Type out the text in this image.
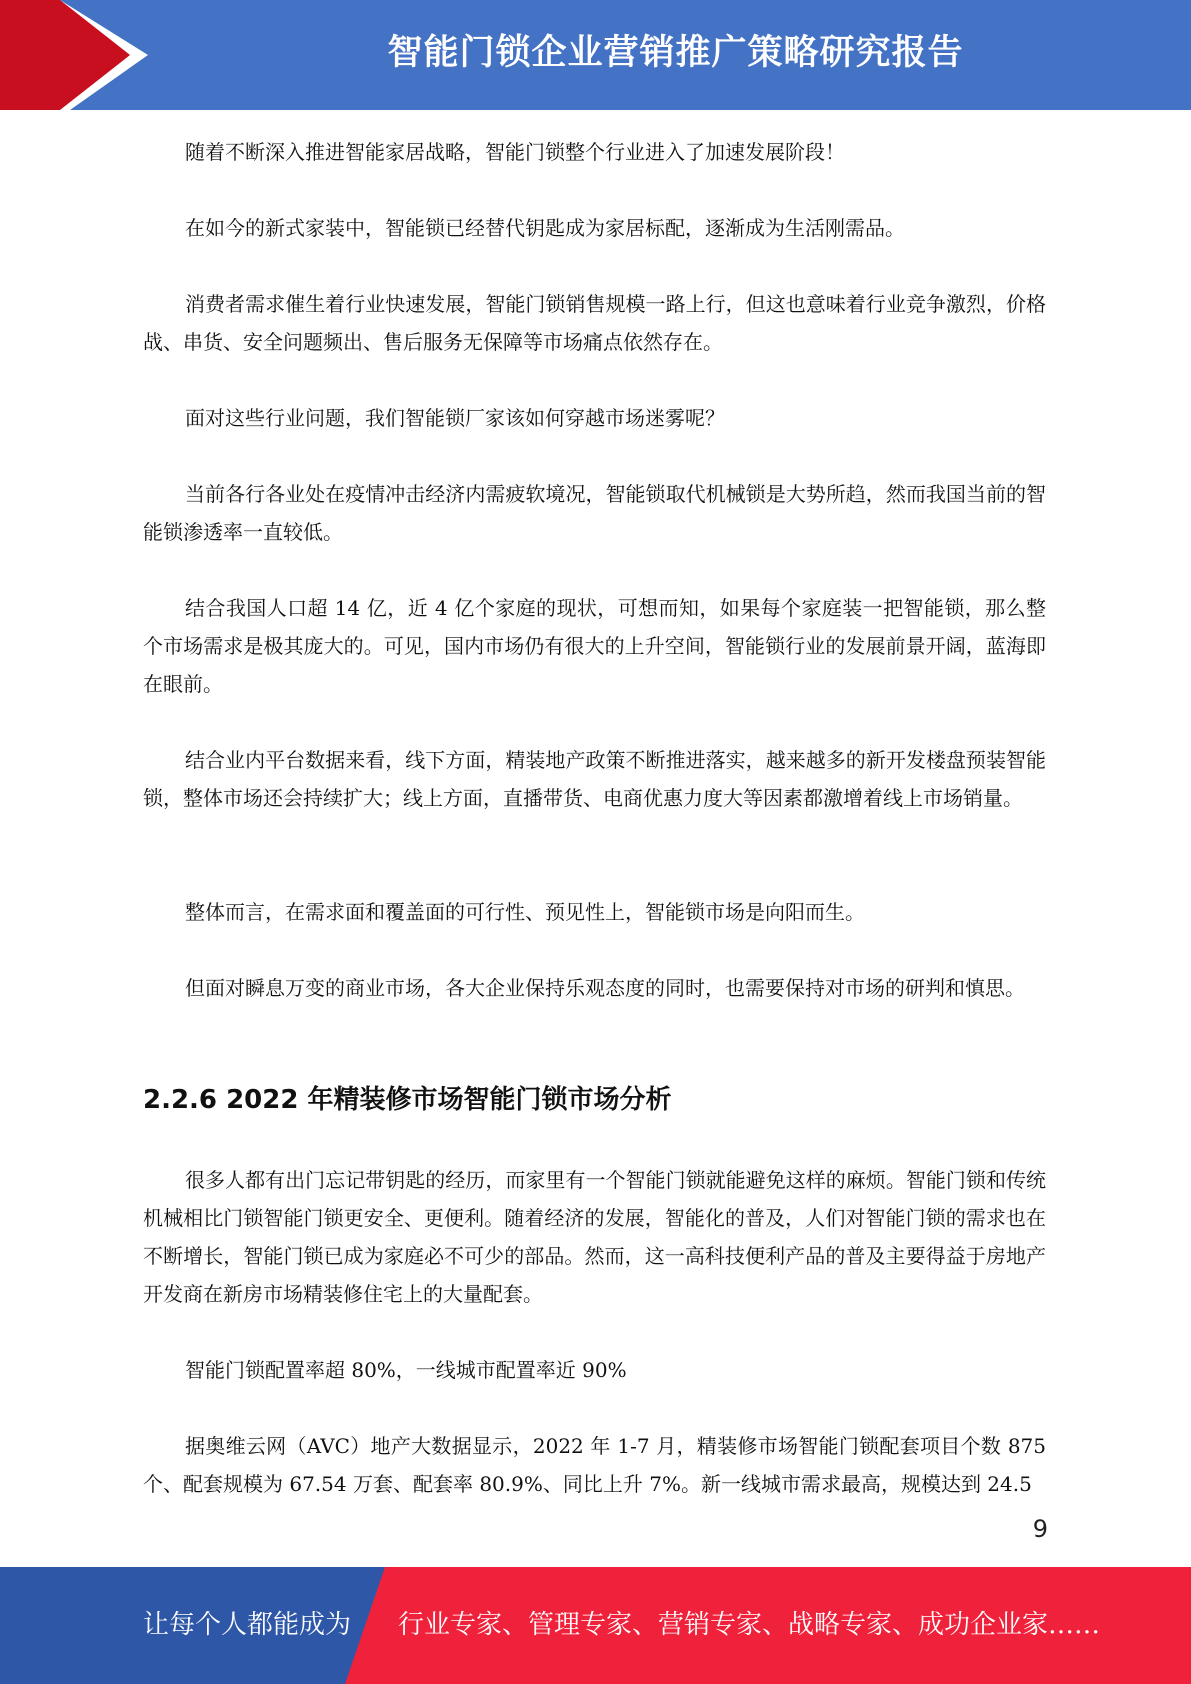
智能门锁企业营销推广策略研究报告

随着不断深入推进智能家居战略，智能门锁整个行业进入了加速发展阶段！

在如今的新式家装中，智能锁已经替代钥匙成为家居标配，逐渐成为生活刚需品。

消费者需求催生着行业快速发展，智能门锁销售规模一路上行，但这也意味着行业竞争激烈，价格战、串货、安全问题频出、售后服务无保障等市场痛点依然存在。

面对这些行业问题，我们智能锁厂家该如何穿越市场迷雾呢？

当前各行各业处在疫情冲击经济内需疲软境况，智能锁取代机械锁是大势所趋，然而我国当前的智能锁渗透率一直较低。

结合我国人口超 14 亿，近 4 亿个家庭的现状，可想而知，如果每个家庭装一把智能锁，那么整个市场需求是极其庞大的。可见，国内市场仍有很大的上升空间，智能锁行业的发展前景开阔，蓝海即在眼前。

结合业内平台数据来看，线下方面，精装地产政策不断推进落实，越来越多的新开发楼盘预装智能锁，整体市场还会持续扩大；线上方面，直播带货、电商优惠力度大等因素都激增着线上市场销量。

整体而言，在需求面和覆盖面的可行性、预见性上，智能锁市场是向阳而生。

但面对瞬息万变的商业市场，各大企业保持乐观态度的同时，也需要保持对市场的研判和慎思。

2.2.6 2022 年精装修市场智能门锁市场分析

很多人都有出门忘记带钥匙的经历，而家里有一个智能门锁就能避免这样的麻烦。智能门锁和传统机械相比门锁智能门锁更安全、更便利。随着经济的发展，智能化的普及，人们对智能门锁的需求也在不断增长，智能门锁已成为家庭必不可少的部品。然而，这一高科技便利产品的普及主要得益于房地产开发商在新房市场精装修住宅上的大量配套。

智能门锁配置率超 80%，一线城市配置率近 90%

据奥维云网（AVC）地产大数据显示，2022 年 1-7 月，精装修市场智能门锁配套项目个数 875 个、配套规模为 67.54 万套、配套率 80.9%、同比上升 7%。新一线城市需求最高，规模达到 24.5

9
让每个人都能成为 行业专家、管理专家、营销专家、战略专家、成功企业家……
